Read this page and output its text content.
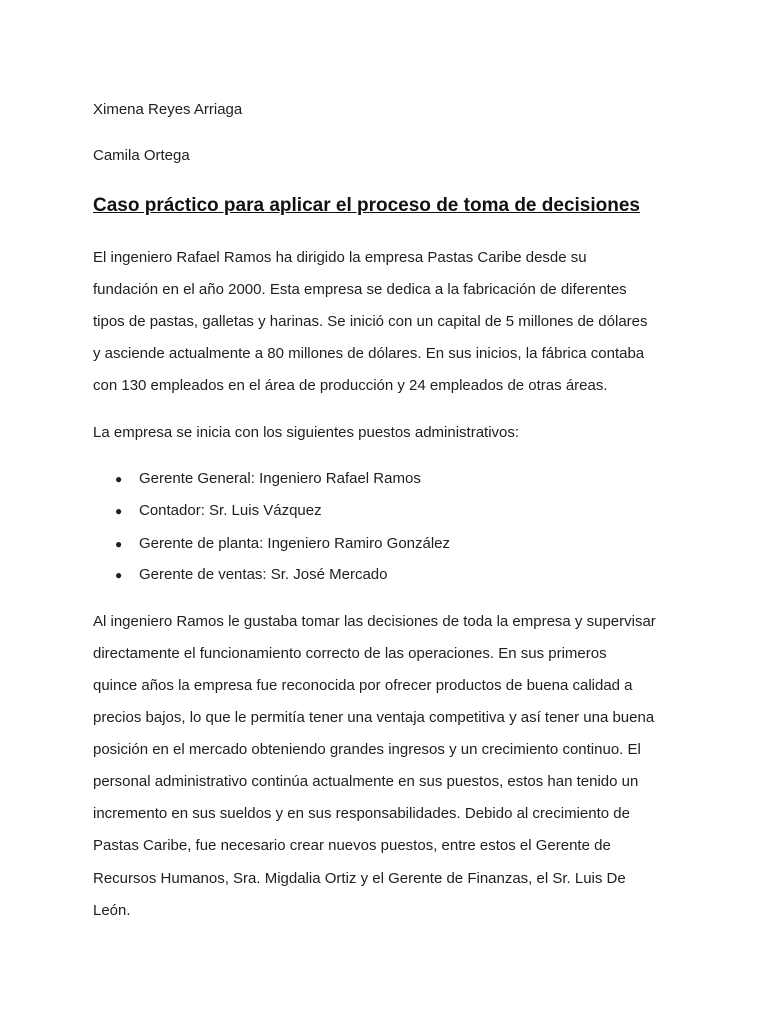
Ximena Reyes Arriaga
Camila Ortega
Caso práctico para aplicar el proceso de toma de decisiones
El ingeniero Rafael Ramos ha dirigido la empresa Pastas Caribe desde su
fundación en el año 2000. Esta empresa se dedica a la fabricación de diferentes
tipos de pastas, galletas y harinas. Se inició con un capital de 5 millones de dólares
y asciende actualmente a 80 millones de dólares. En sus inicios, la fábrica contaba
con 130 empleados en el área de producción y 24 empleados de otras áreas.
La empresa se inicia con los siguientes puestos administrativos:
● Gerente General: Ingeniero Rafael Ramos
● Contador: Sr. Luis Vázquez
● Gerente de planta: Ingeniero Ramiro González
● Gerente de ventas: Sr. José Mercado
Al ingeniero Ramos le gustaba tomar las decisiones de toda la empresa y supervisar
directamente el funcionamiento correcto de las operaciones. En sus primeros
quince años la empresa fue reconocida por ofrecer productos de buena calidad a
precios bajos, lo que le permitía tener una ventaja competitiva y así tener una buena
posición en el mercado obteniendo grandes ingresos y un crecimiento continuo. El
personal administrativo continúa actualmente en sus puestos, estos han tenido un
incremento en sus sueldos y en sus responsabilidades. Debido al crecimiento de
Pastas Caribe, fue necesario crear nuevos puestos, entre estos el Gerente de
Recursos Humanos, Sra. Migdalia Ortiz y el Gerente de Finanzas, el Sr. Luis De
León.
